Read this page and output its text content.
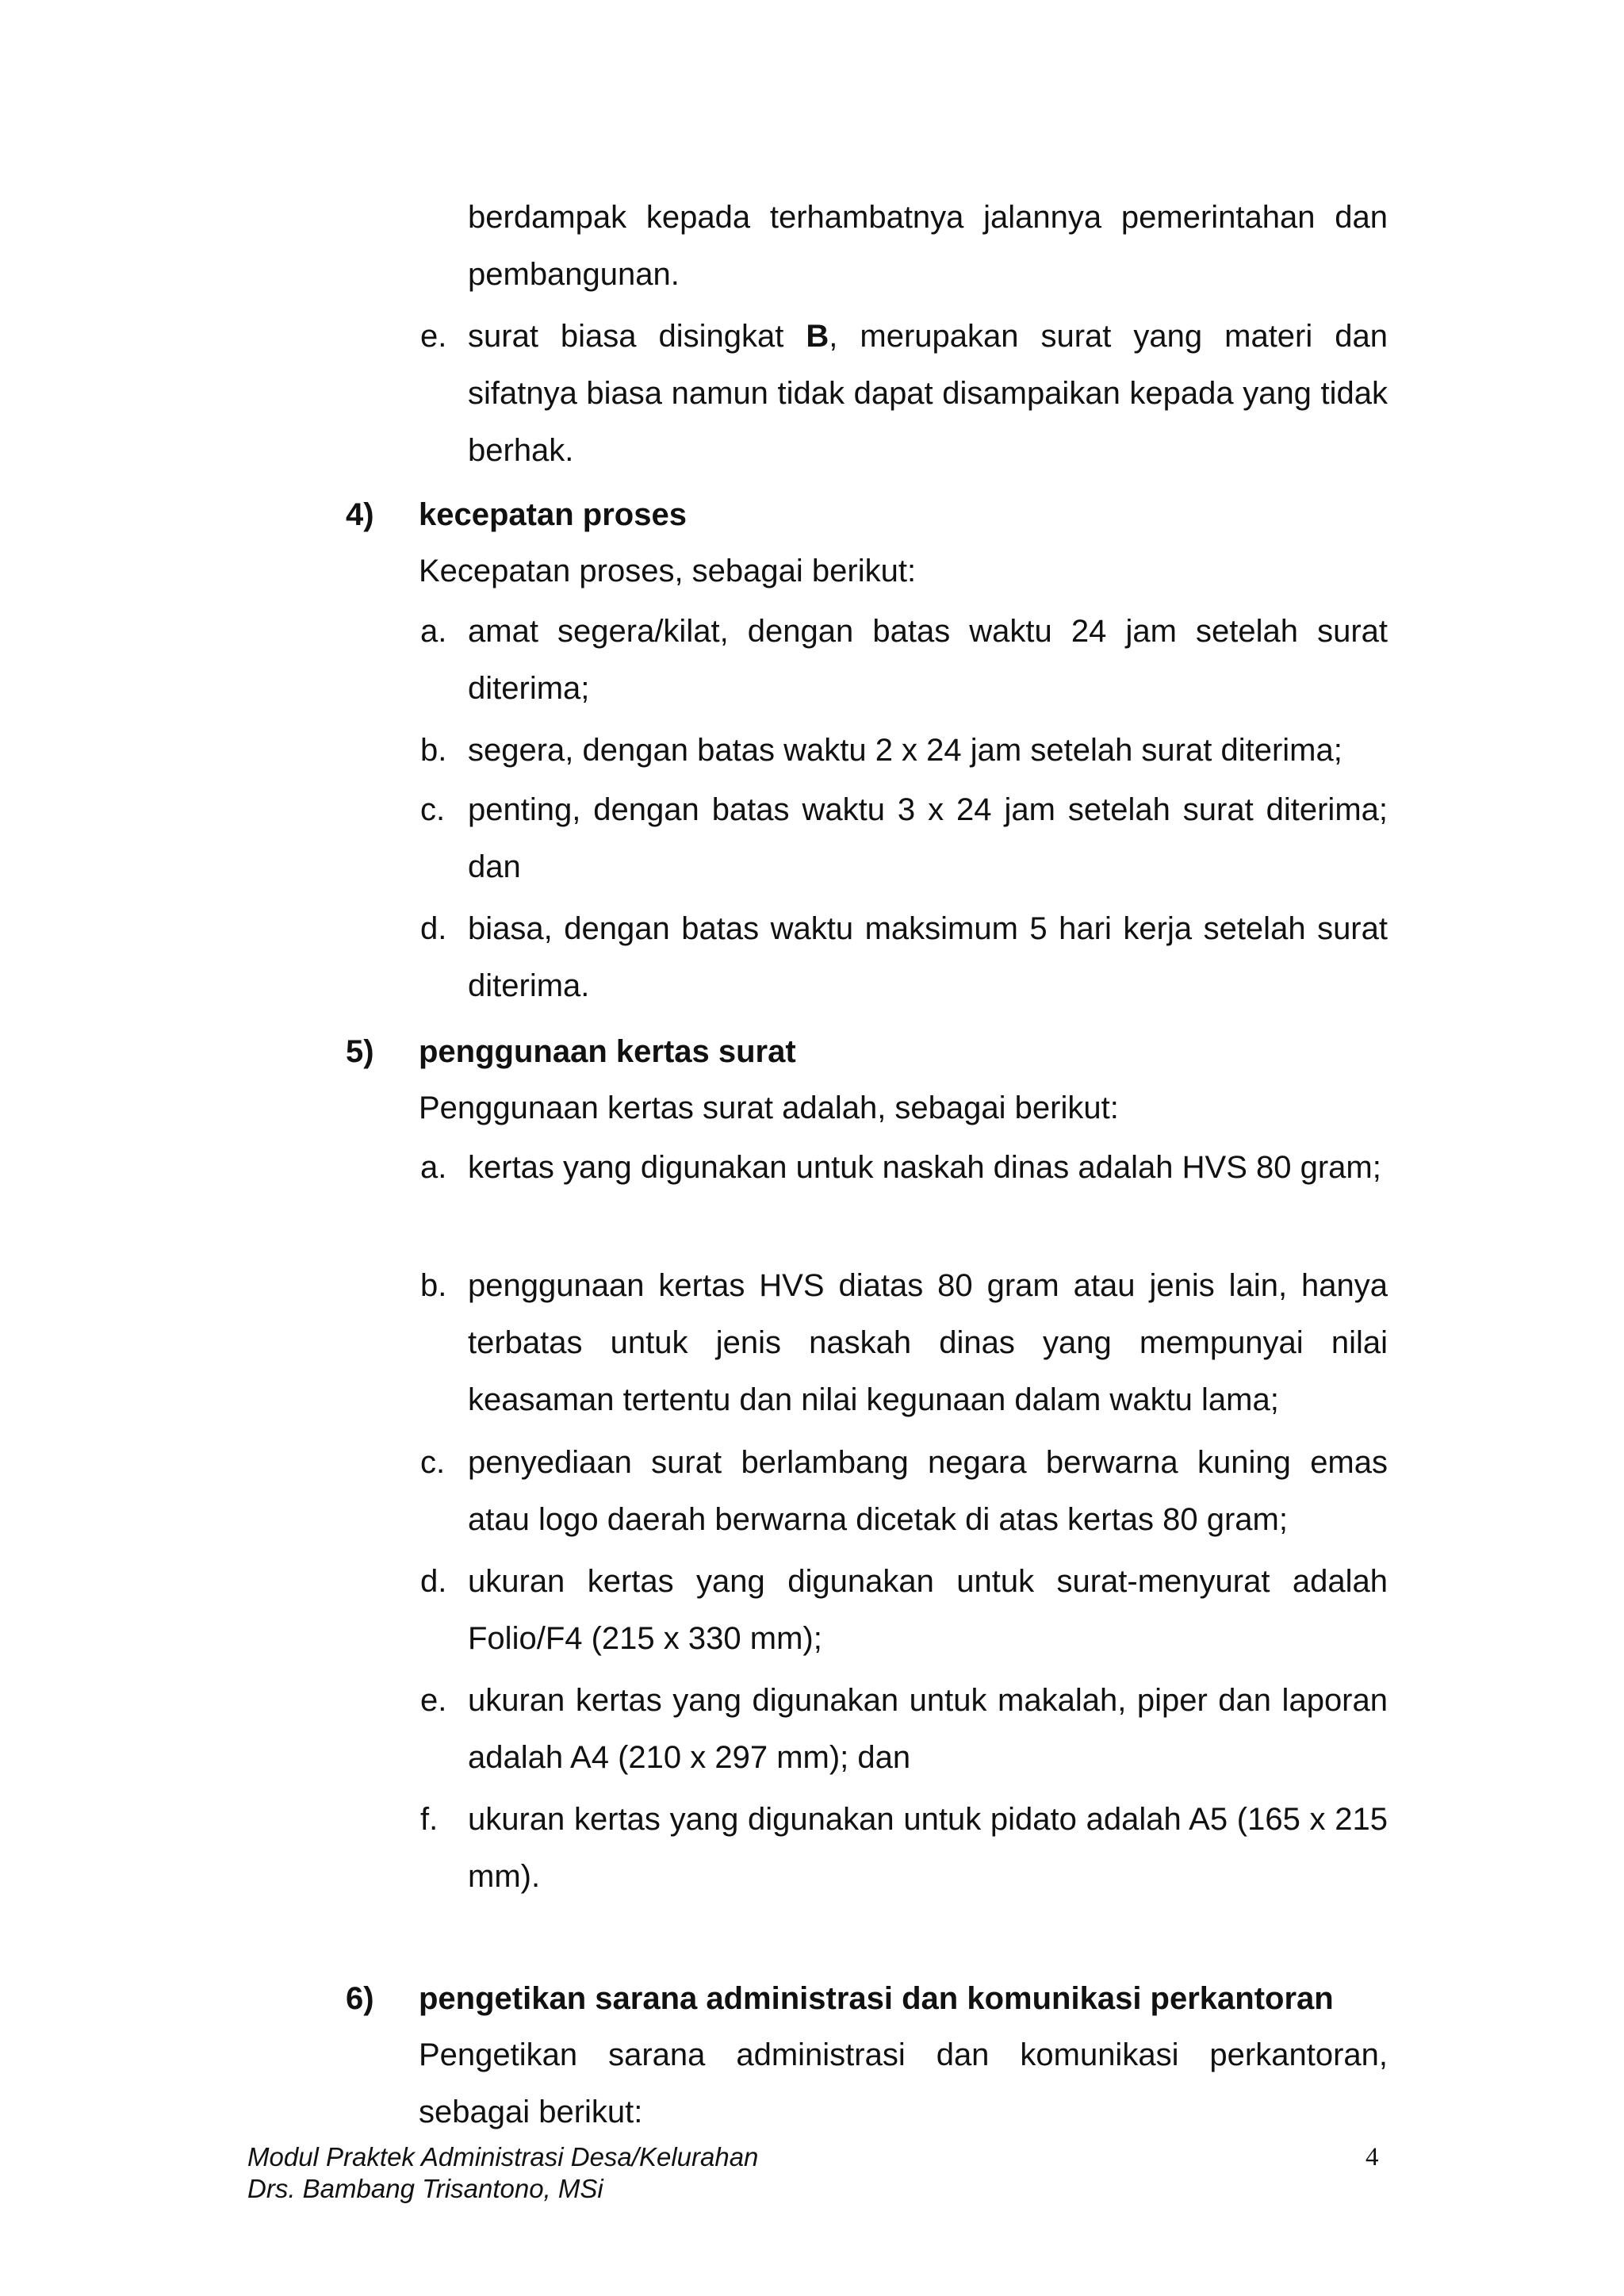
berdampak kepada terhambatnya jalannya pemerintahan dan pembangunan.
e. surat biasa disingkat B, merupakan surat yang materi dan sifatnya biasa namun tidak dapat disampaikan kepada yang tidak berhak.
4) kecepatan proses
Kecepatan proses, sebagai berikut:
a. amat segera/kilat, dengan batas waktu 24 jam setelah surat diterima;
b. segera, dengan batas waktu 2 x 24 jam setelah surat diterima;
c. penting, dengan batas waktu 3 x 24 jam setelah surat diterima; dan
d. biasa, dengan batas waktu maksimum 5 hari kerja setelah surat diterima.
5) penggunaan kertas surat
Penggunaan kertas surat adalah, sebagai berikut:
a. kertas yang digunakan untuk naskah dinas adalah HVS 80 gram;
b. penggunaan kertas HVS diatas 80 gram atau jenis lain, hanya terbatas untuk jenis naskah dinas yang mempunyai nilai keasaman tertentu dan nilai kegunaan dalam waktu lama;
c. penyediaan surat berlambang negara berwarna kuning emas atau logo daerah berwarna dicetak di atas kertas 80 gram;
d. ukuran kertas yang digunakan untuk surat-menyurat adalah Folio/F4 (215 x 330 mm);
e. ukuran kertas yang digunakan untuk makalah, piper dan laporan adalah A4 (210 x 297 mm); dan
f. ukuran kertas yang digunakan untuk pidato adalah A5 (165 x 215 mm).
6) pengetikan sarana administrasi dan komunikasi perkantoran
Pengetikan sarana administrasi dan komunikasi perkantoran, sebagai berikut:
Modul Praktek Administrasi Desa/Kelurahan
Drs. Bambang Trisantono, MSi
4
